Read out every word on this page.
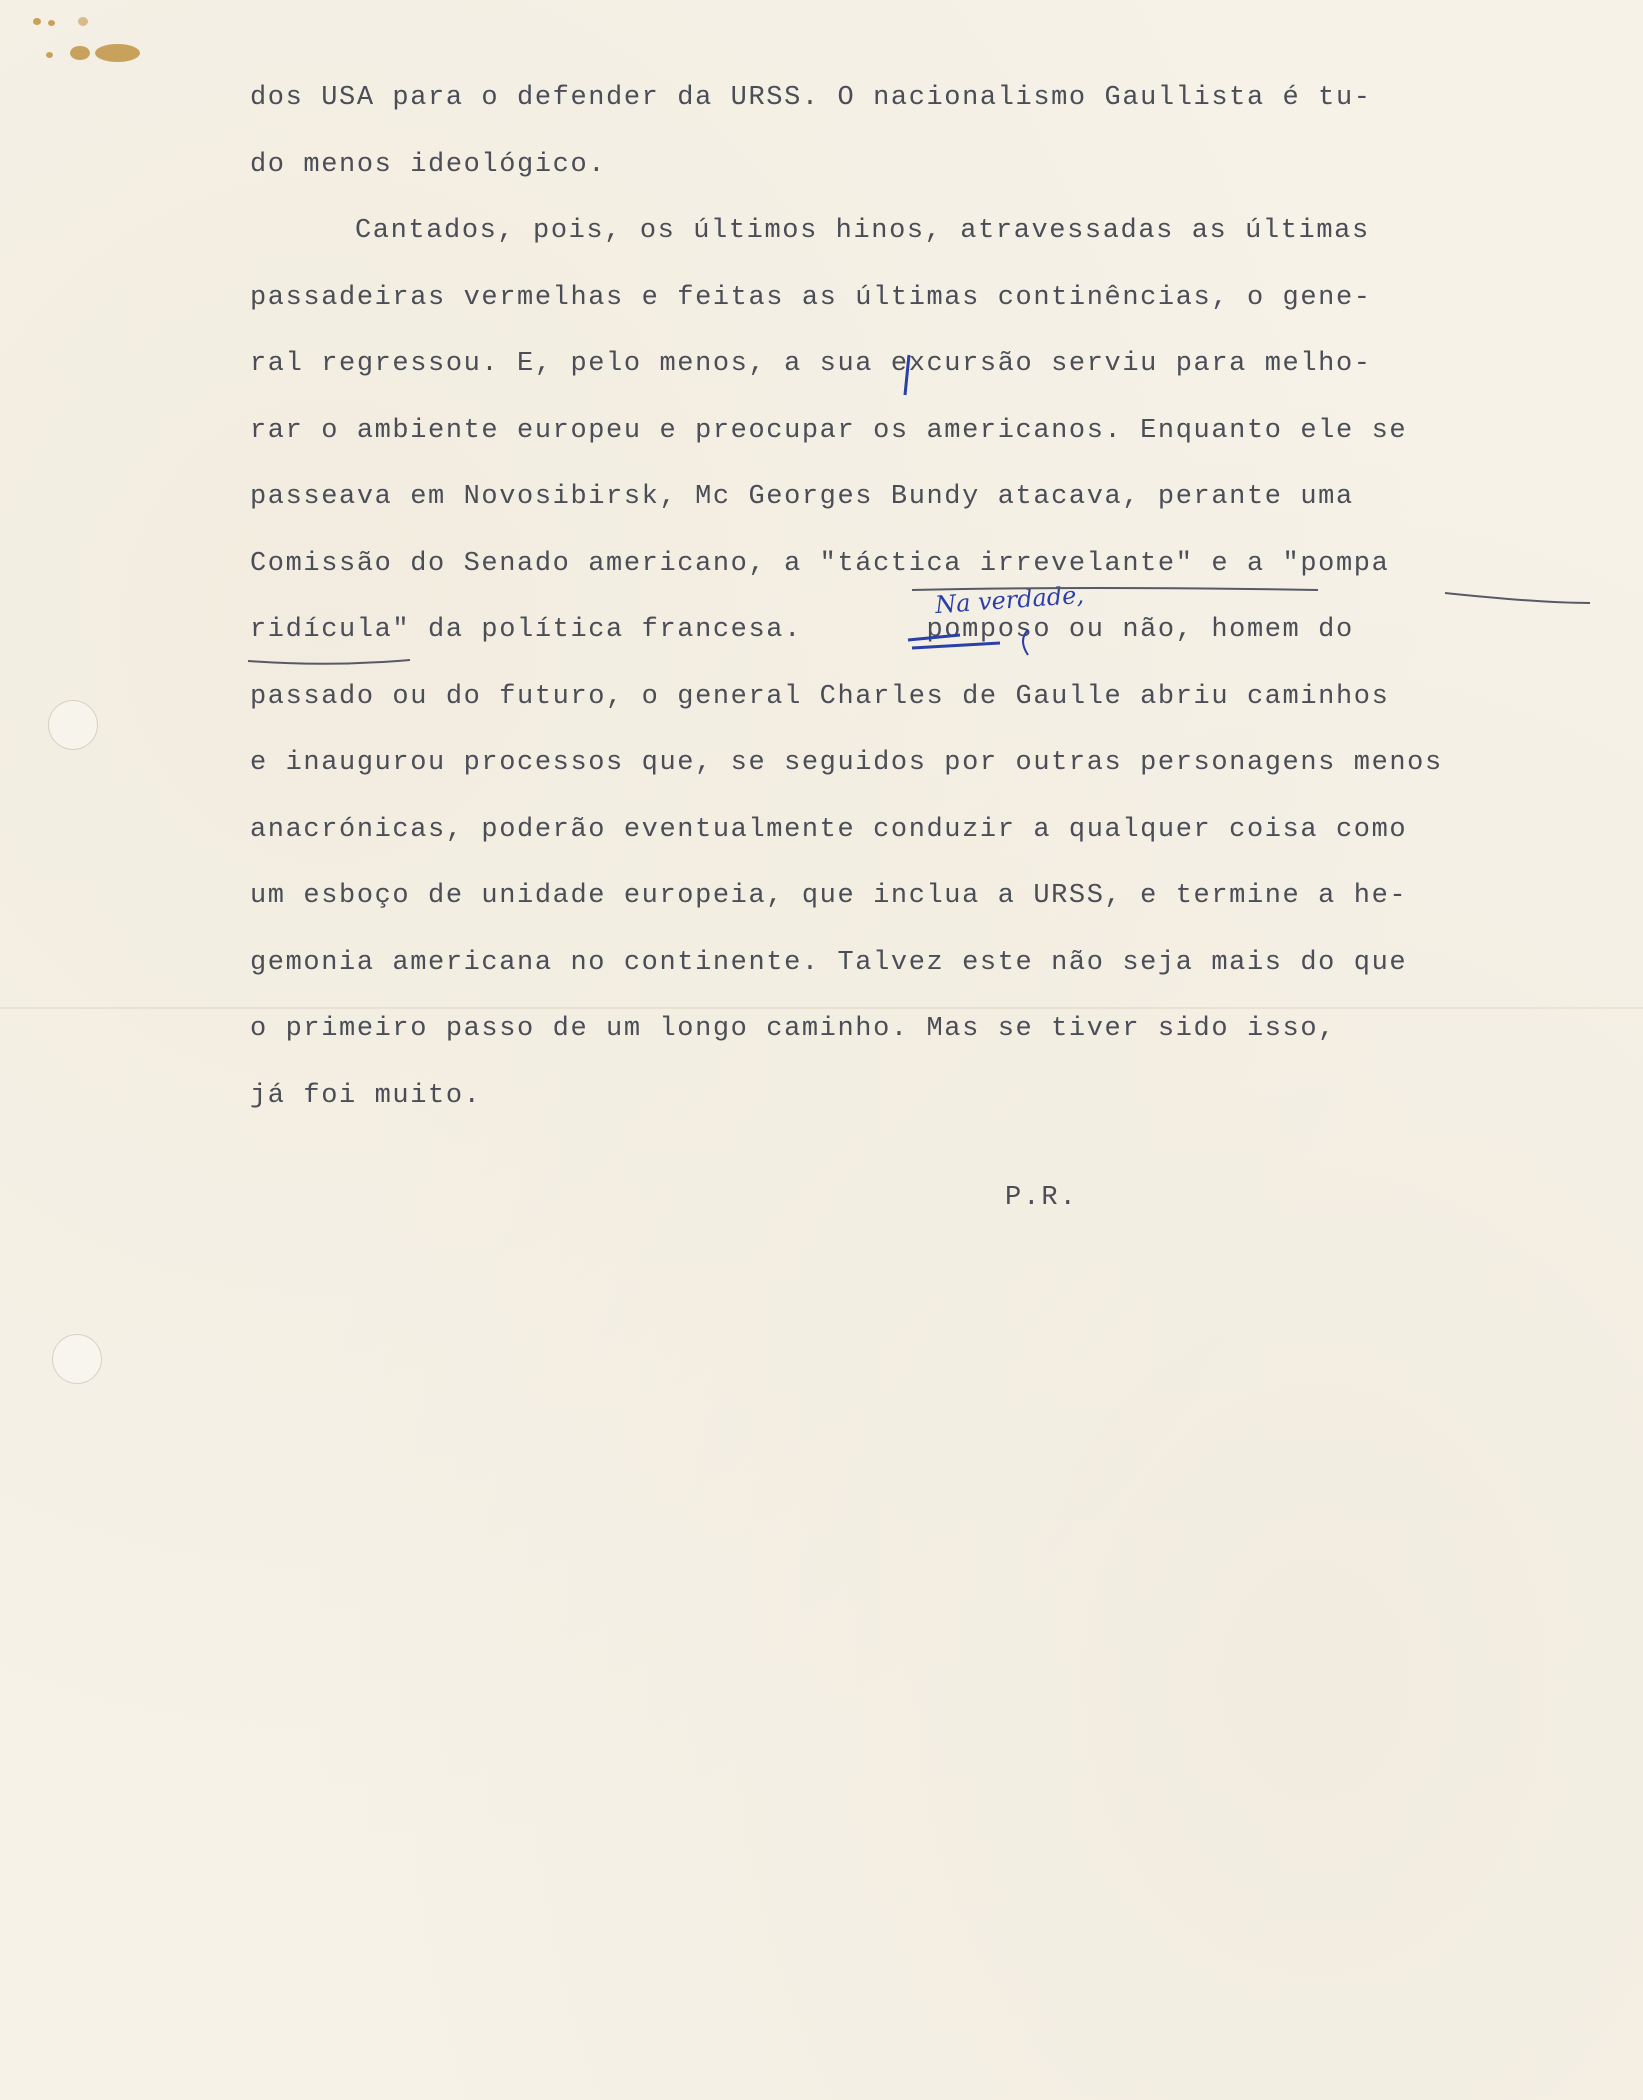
dos USA para o defender da URSS. O nacionalismo Gaullista é tu-
do menos ideológico.
Cantados, pois, os últimos hinos, atravessadas as últimas
passadeiras vermelhas e feitas as últimas continências, o gene-
ral regressou. E, pelo menos, a sua excursão serviu para melho-
rar o ambiente europeu e preocupar os americanos. Enquanto ele se
passeava em Novosibirsk, Mc Georges Bundy atacava, perante uma
Comissão do Senado americano, a "táctica irrevelante" e a "pompa
ridícula" da política francesa.       pomposo ou não, homem do
passado ou do futuro, o general Charles de Gaulle abriu caminhos
e inaugurou processos que, se seguidos por outras personagens menos
anacrónicas, poderão eventualmente conduzir a qualquer coisa como
um esboço de unidade europeia, que inclua a URSS, e termine a he-
gemonia americana no continente. Talvez este não seja mais do que
o primeiro passo de um longo caminho. Mas se tiver sido isso,
já foi muito.
Na verdade,
P.R.
